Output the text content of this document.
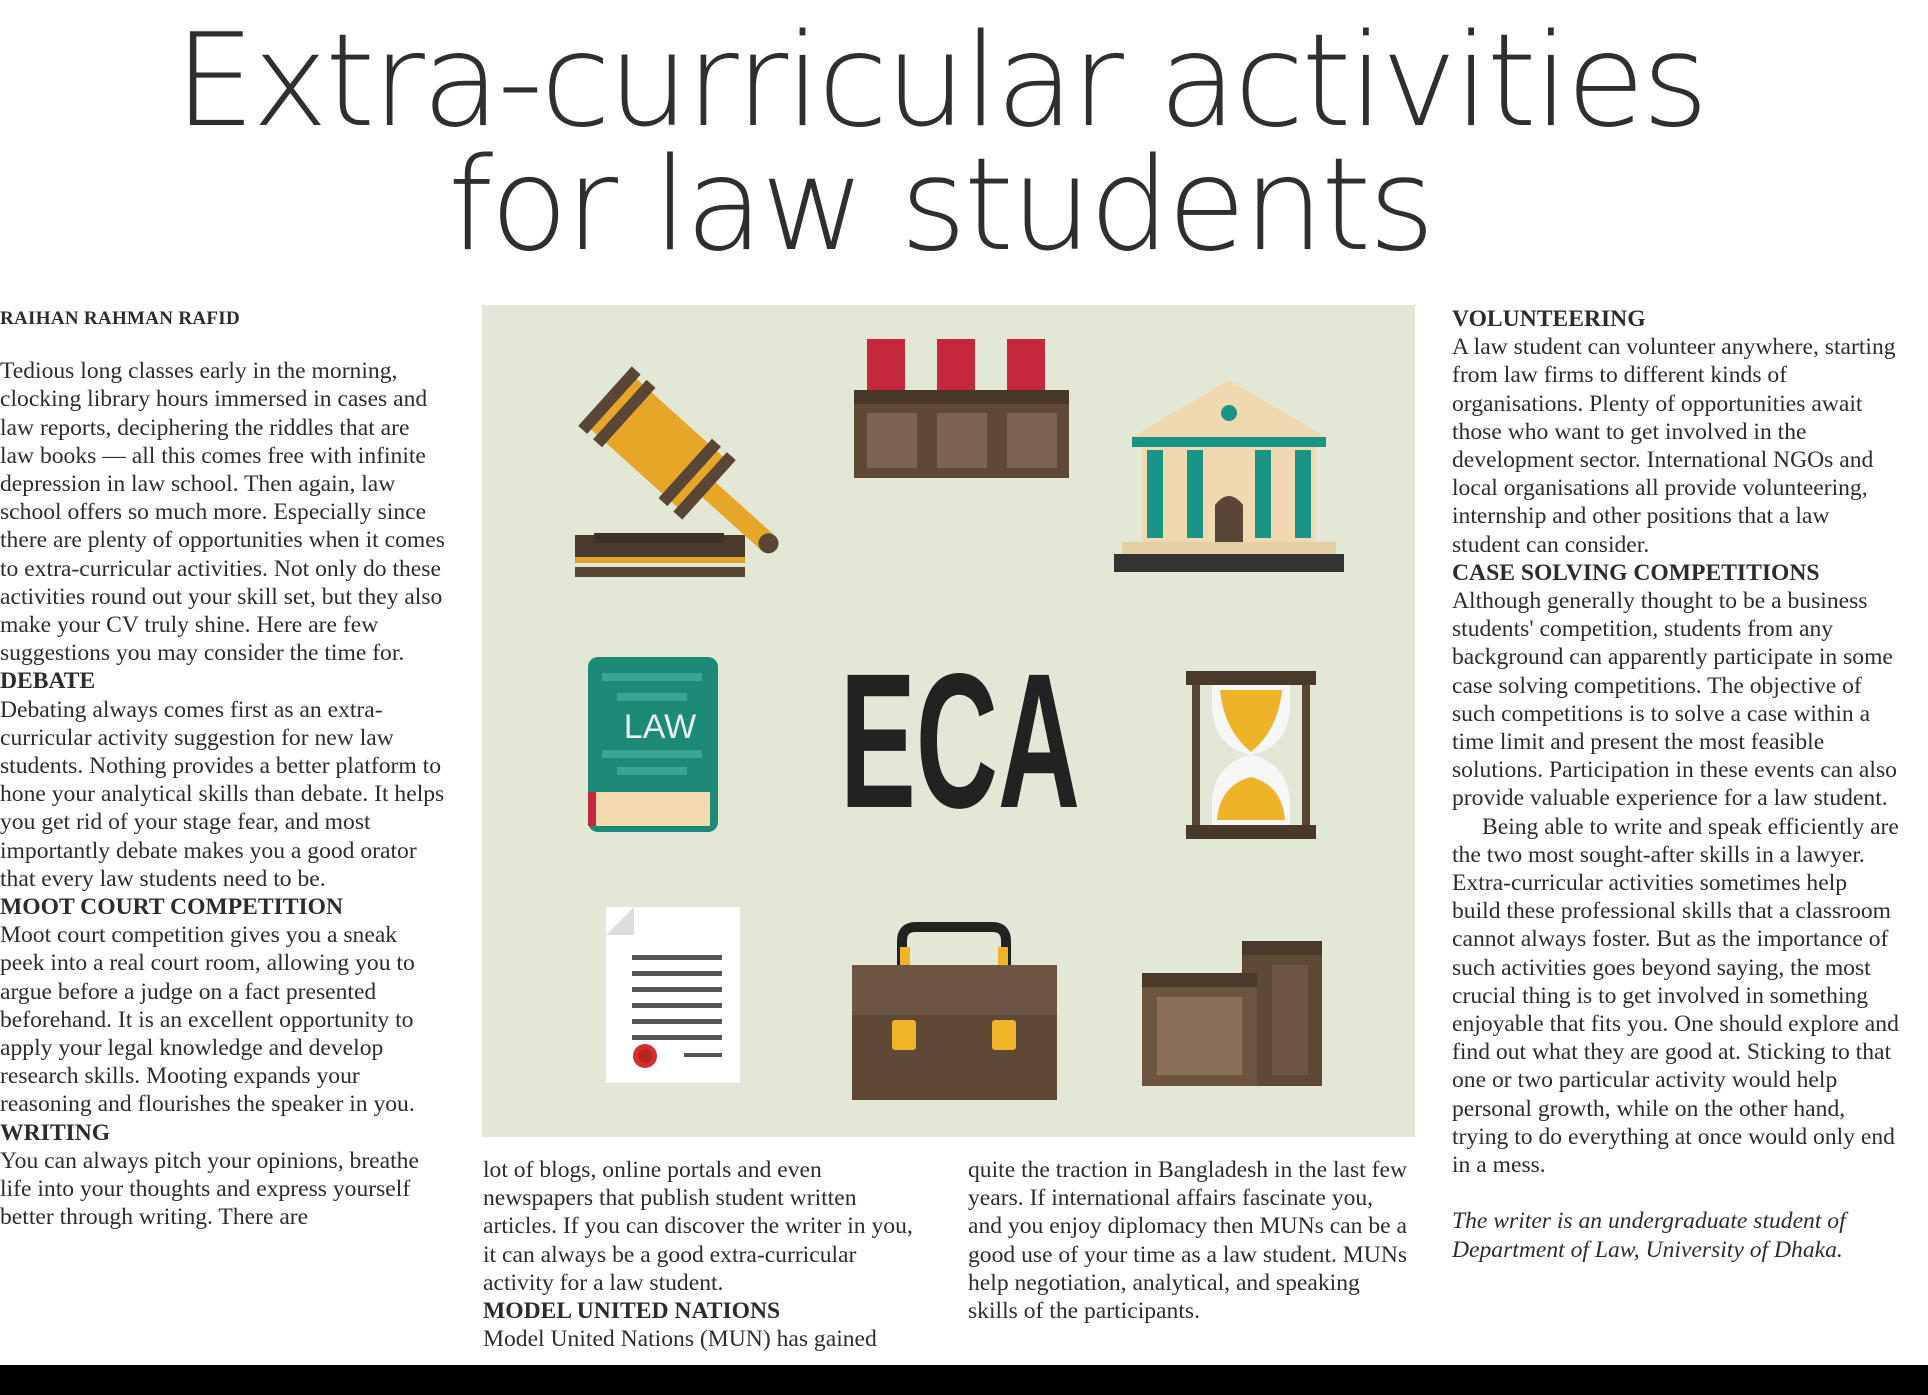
Extra-curricular activities
for law students

RAIHAN RAHMAN RAFID

Tedious long classes early in the morning, clocking library hours immersed in cases and law reports, deciphering the riddles that are law books — all this comes free with infinite depression in law school. Then again, law school offers so much more. Especially since there are plenty of opportunities when it comes to extra-curricular activities. Not only do these activities round out your skill set, but they also make your CV truly shine. Here are few suggestions you may consider the time for.

DEBATE

Debating always comes first as an extra-curricular activity suggestion for new law students. Nothing provides a better platform to hone your analytical skills than debate. It helps you get rid of your stage fear, and most importantly debate makes you a good orator that every law students need to be.

MOOT COURT COMPETITION

Moot court competition gives you a sneak peek into a real court room, allowing you to argue before a judge on a fact presented beforehand. It is an excellent opportunity to apply your legal knowledge and develop research skills. Mooting expands your reasoning and flourishes the speaker in you.

WRITING

You can always pitch your opinions, breathe life into your thoughts and express yourself better through writing. There are

LAW ECA

lot of blogs, online portals and even newspapers that publish student written articles. If you can discover the writer in you, it can always be a good extra-curricular activity for a law student.

MODEL UNITED NATIONS

Model United Nations (MUN) has gained

quite the traction in Bangladesh in the last few years. If international affairs fascinate you, and you enjoy diplomacy then MUNs can be a good use of your time as a law student. MUNs help negotiation, analytical, and speaking skills of the participants.

VOLUNTEERING

A law student can volunteer anywhere, starting from law firms to different kinds of organisations. Plenty of opportunities await those who want to get involved in the development sector. International NGOs and local organisations all provide volunteering, internship and other positions that a law student can consider.

CASE SOLVING COMPETITIONS

Although generally thought to be a business students' competition, students from any background can apparently participate in some case solving competitions. The objective of such competitions is to solve a case within a time limit and present the most feasible solutions. Participation in these events can also provide valuable experience for a law student.

Being able to write and speak efficiently are the two most sought-after skills in a lawyer. Extra-curricular activities sometimes help build these professional skills that a classroom cannot always foster. But as the importance of such activities goes beyond saying, the most crucial thing is to get involved in something enjoyable that fits you. One should explore and find out what they are good at. Sticking to that one or two particular activity would help personal growth, while on the other hand, trying to do everything at once would only end in a mess.

The writer is an undergraduate student of

Department of Law, University of Dhaka.
